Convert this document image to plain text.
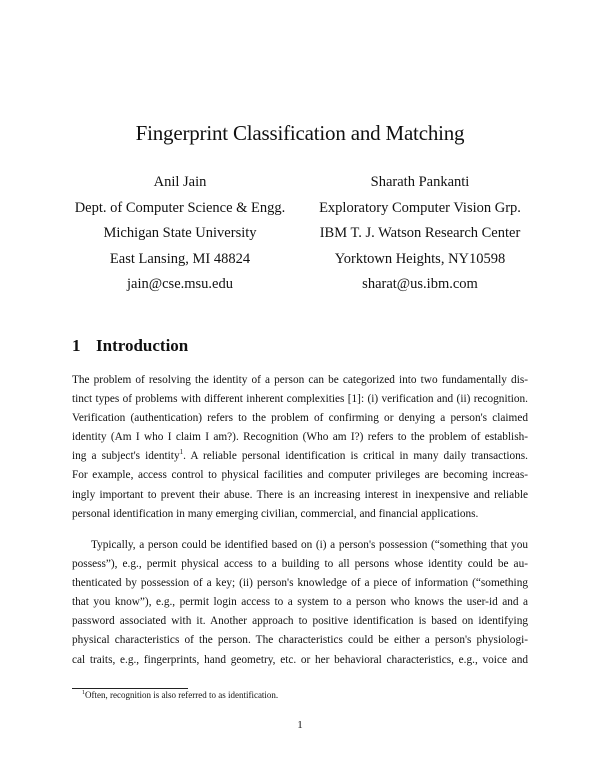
Fingerprint Classification and Matching
Anil Jain
Dept. of Computer Science & Engg.
Michigan State University
East Lansing, MI 48824
jain@cse.msu.edu
Sharath Pankanti
Exploratory Computer Vision Grp.
IBM T. J. Watson Research Center
Yorktown Heights, NY10598
sharat@us.ibm.com
1 Introduction
The problem of resolving the identity of a person can be categorized into two fundamentally dis-
tinct types of problems with different inherent complexities [1]: (i) verification and (ii) recognition.
Verification (authentication) refers to the problem of confirming or denying a person's claimed
identity (Am I who I claim I am?). Recognition (Who am I?) refers to the problem of establish-
ing a subject's identity$^1$. A reliable personal identification is critical in many daily transactions.
For example, access control to physical facilities and computer privileges are becoming increas-
ingly important to prevent their abuse. There is an increasing interest in inexpensive and reliable
personal identification in many emerging civilian, commercial, and financial applications.
Typically, a person could be identified based on (i) a person's possession (“something that you
possess”), e.g., permit physical access to a building to all persons whose identity could be au-
thenticated by possession of a key; (ii) person's knowledge of a piece of information (“something
that you know”), e.g., permit login access to a system to a person who knows the user-id and a
password associated with it. Another approach to positive identification is based on identifying
physical characteristics of the person. The characteristics could be either a person's physiologi-
cal traits, e.g., fingerprints, hand geometry, etc. or her behavioral characteristics, e.g., voice and
$^1$Often, recognition is also referred to as identification.
1
